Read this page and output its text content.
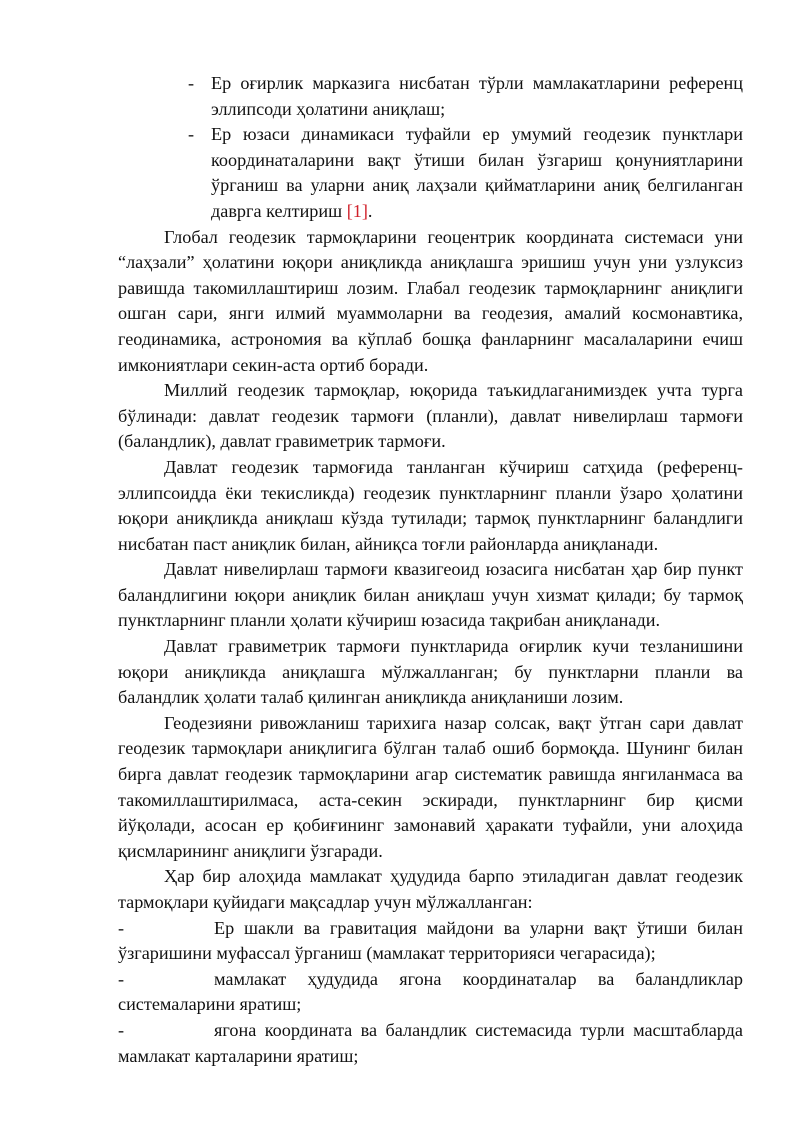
- Ер оғирлик марказига нисбатан тўрли мамлакатларини референц эллипсоди ҳолатини аниқлаш;

- Ер юзаси динамикаси туфайли ер умумий геодезик пунктлари координаталарини вақт ўтиши билан ўзгариш қонуниятларини ўрганиш ва уларни аниқ лаҳзали қийматларини аниқ белгиланган даврга келтириш [1].

Глобал геодезик тармоқларини геоцентрик координата системаси уни “лаҳзали” ҳолатини юқори аниқликда аниқлашга эришиш учун уни узлуксиз равишда такомиллаштириш лозим. Глабал геодезик тармоқларнинг аниқлиги ошган сари, янги илмий муаммоларни ва геодезия, амалий космонавтика, геодинамика, астрономия ва кўплаб бошқа фанларнинг масалаларини ечиш имкониятлари секин-аста ортиб боради.

Миллий геодезик тармоқлар, юқорида таъкидлаганимиздек учта турга бўлинади: давлат геодезик тармоғи (планли), давлат нивелирлаш тармоғи (баландлик), давлат гравиметрик тармоғи.

Давлат геодезик тармоғида танланган кўчириш сатҳида (референц-эллипсоидда ёки текисликда) геодезик пунктларнинг планли ўзаро ҳолатини юқори аниқликда аниқлаш кўзда тутилади; тармоқ пунктларнинг баландлиги нисбатан паст аниқлик билан, айниқса тоғли районларда аниқланади.

Давлат нивелирлаш тармоғи квазигеоид юзасига нисбатан ҳар бир пункт баландлигини юқори аниқлик билан аниқлаш учун хизмат қилади; бу тармоқ пунктларнинг планли ҳолати кўчириш юзасида тақрибан аниқланади.

Давлат гравиметрик тармоғи пунктларида оғирлик кучи тезланишини юқори аниқликда аниқлашга мўлжалланган; бу пунктларни планли ва баландлик ҳолати талаб қилинган аниқликда аниқланиши лозим.

Геодезияни ривожланиш тарихига назар солсак, вақт ўтган сари давлат геодезик тармоқлари аниқлигига бўлган талаб ошиб бормоқда. Шунинг билан бирга давлат геодезик тармоқларини агар систематик равишда янгиланмаса ва такомиллаштирилмаса, аста-секин эскиради, пунктларнинг бир қисми йўқолади, асосан ер қобиғининг замонавий ҳаракати туфайли, уни алоҳида қисмларининг аниқлиги ўзгаради.

Ҳар бир алоҳида мамлакат ҳудудида барпо этиладиган давлат геодезик тармоқлари қуйидаги мақсадлар учун мўлжалланган:

-	Ер шакли ва гравитация майдони ва уларни вақт ўтиши билан ўзгаришини муфассал ўрганиш (мамлакат территорияси чегарасида);

-	мамлакат ҳудудида ягона координаталар ва баландликлар системаларини яратиш;

-	ягона координата ва баландлик системасида турли масштабларда мамлакат карталарини яратиш;
